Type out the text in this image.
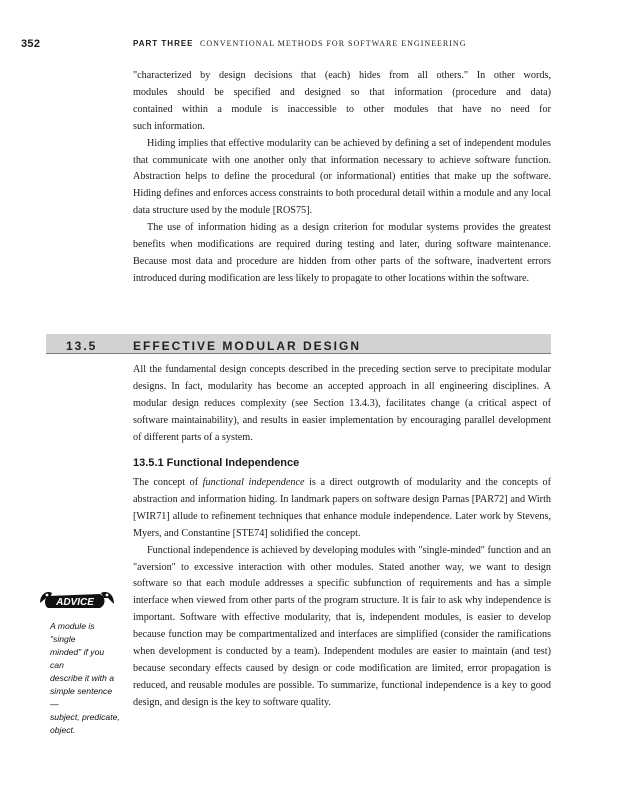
352	PART THREE CONVENTIONAL METHODS FOR SOFTWARE ENGINEERING

"characterized by design decisions that (each) hides from all others." In other words,

modules should be specified and designed so that information (procedure and data)

contained within a module is inaccessible to other modules that have no need for

such information.

Hiding implies that effective modularity can be achieved by defining a set of independent modules that communicate with one another only that information necessary to achieve software function. Abstraction helps to define the procedural (or informational) entities that make up the software. Hiding defines and enforces access constraints to both procedural detail within a module and any local data structure used by the module [ROS75].

The use of information hiding as a design criterion for modular systems provides the greatest benefits when modifications are required during testing and later, during software maintenance. Because most data and procedure are hidden from other parts of the software, inadvertent errors introduced during modification are less likely to propagate to other locations within the software.

13.5	EFFECTIVE MODULAR DESIGN

All the fundamental design concepts described in the preceding section serve to precipitate modular designs. In fact, modularity has become an accepted approach in all engineering disciplines. A modular design reduces complexity (see Section 13.4.3), facilitates change (a critical aspect of software maintainability), and results in easier implementation by encouraging parallel development of different parts of a system.

13.5.1 Functional Independence

The concept of functional independence is a direct outgrowth of modularity and the concepts of abstraction and information hiding. In landmark papers on software design Parnas [PAR72] and Wirth [WIR71] allude to refinement techniques that enhance module independence. Later work by Stevens, Myers, and Constantine [STE74] solidified the concept.

Functional independence is achieved by developing modules with "single-minded" function and an "aversion" to excessive interaction with other modules. Stated another way, we want to design software so that each module addresses a specific subfunction of requirements and has a simple interface when viewed from other parts of the program structure. It is fair to ask why independence is important. Software with effective modularity, that is, independent modules, is easier to develop because function may be compartmentalized and interfaces are simplified (consider the ramifications when development is conducted by a team). Independent modules are easier to maintain (and test) because secondary effects caused by design or code modification are limited, error propagation is reduced, and reusable modules are possible. To summarize, functional independence is a key to good design, and design is the key to software quality.

ADVICE
A module is "single
minded" if you can
describe it with a
simple sentence—
subject, predicate,
object.
